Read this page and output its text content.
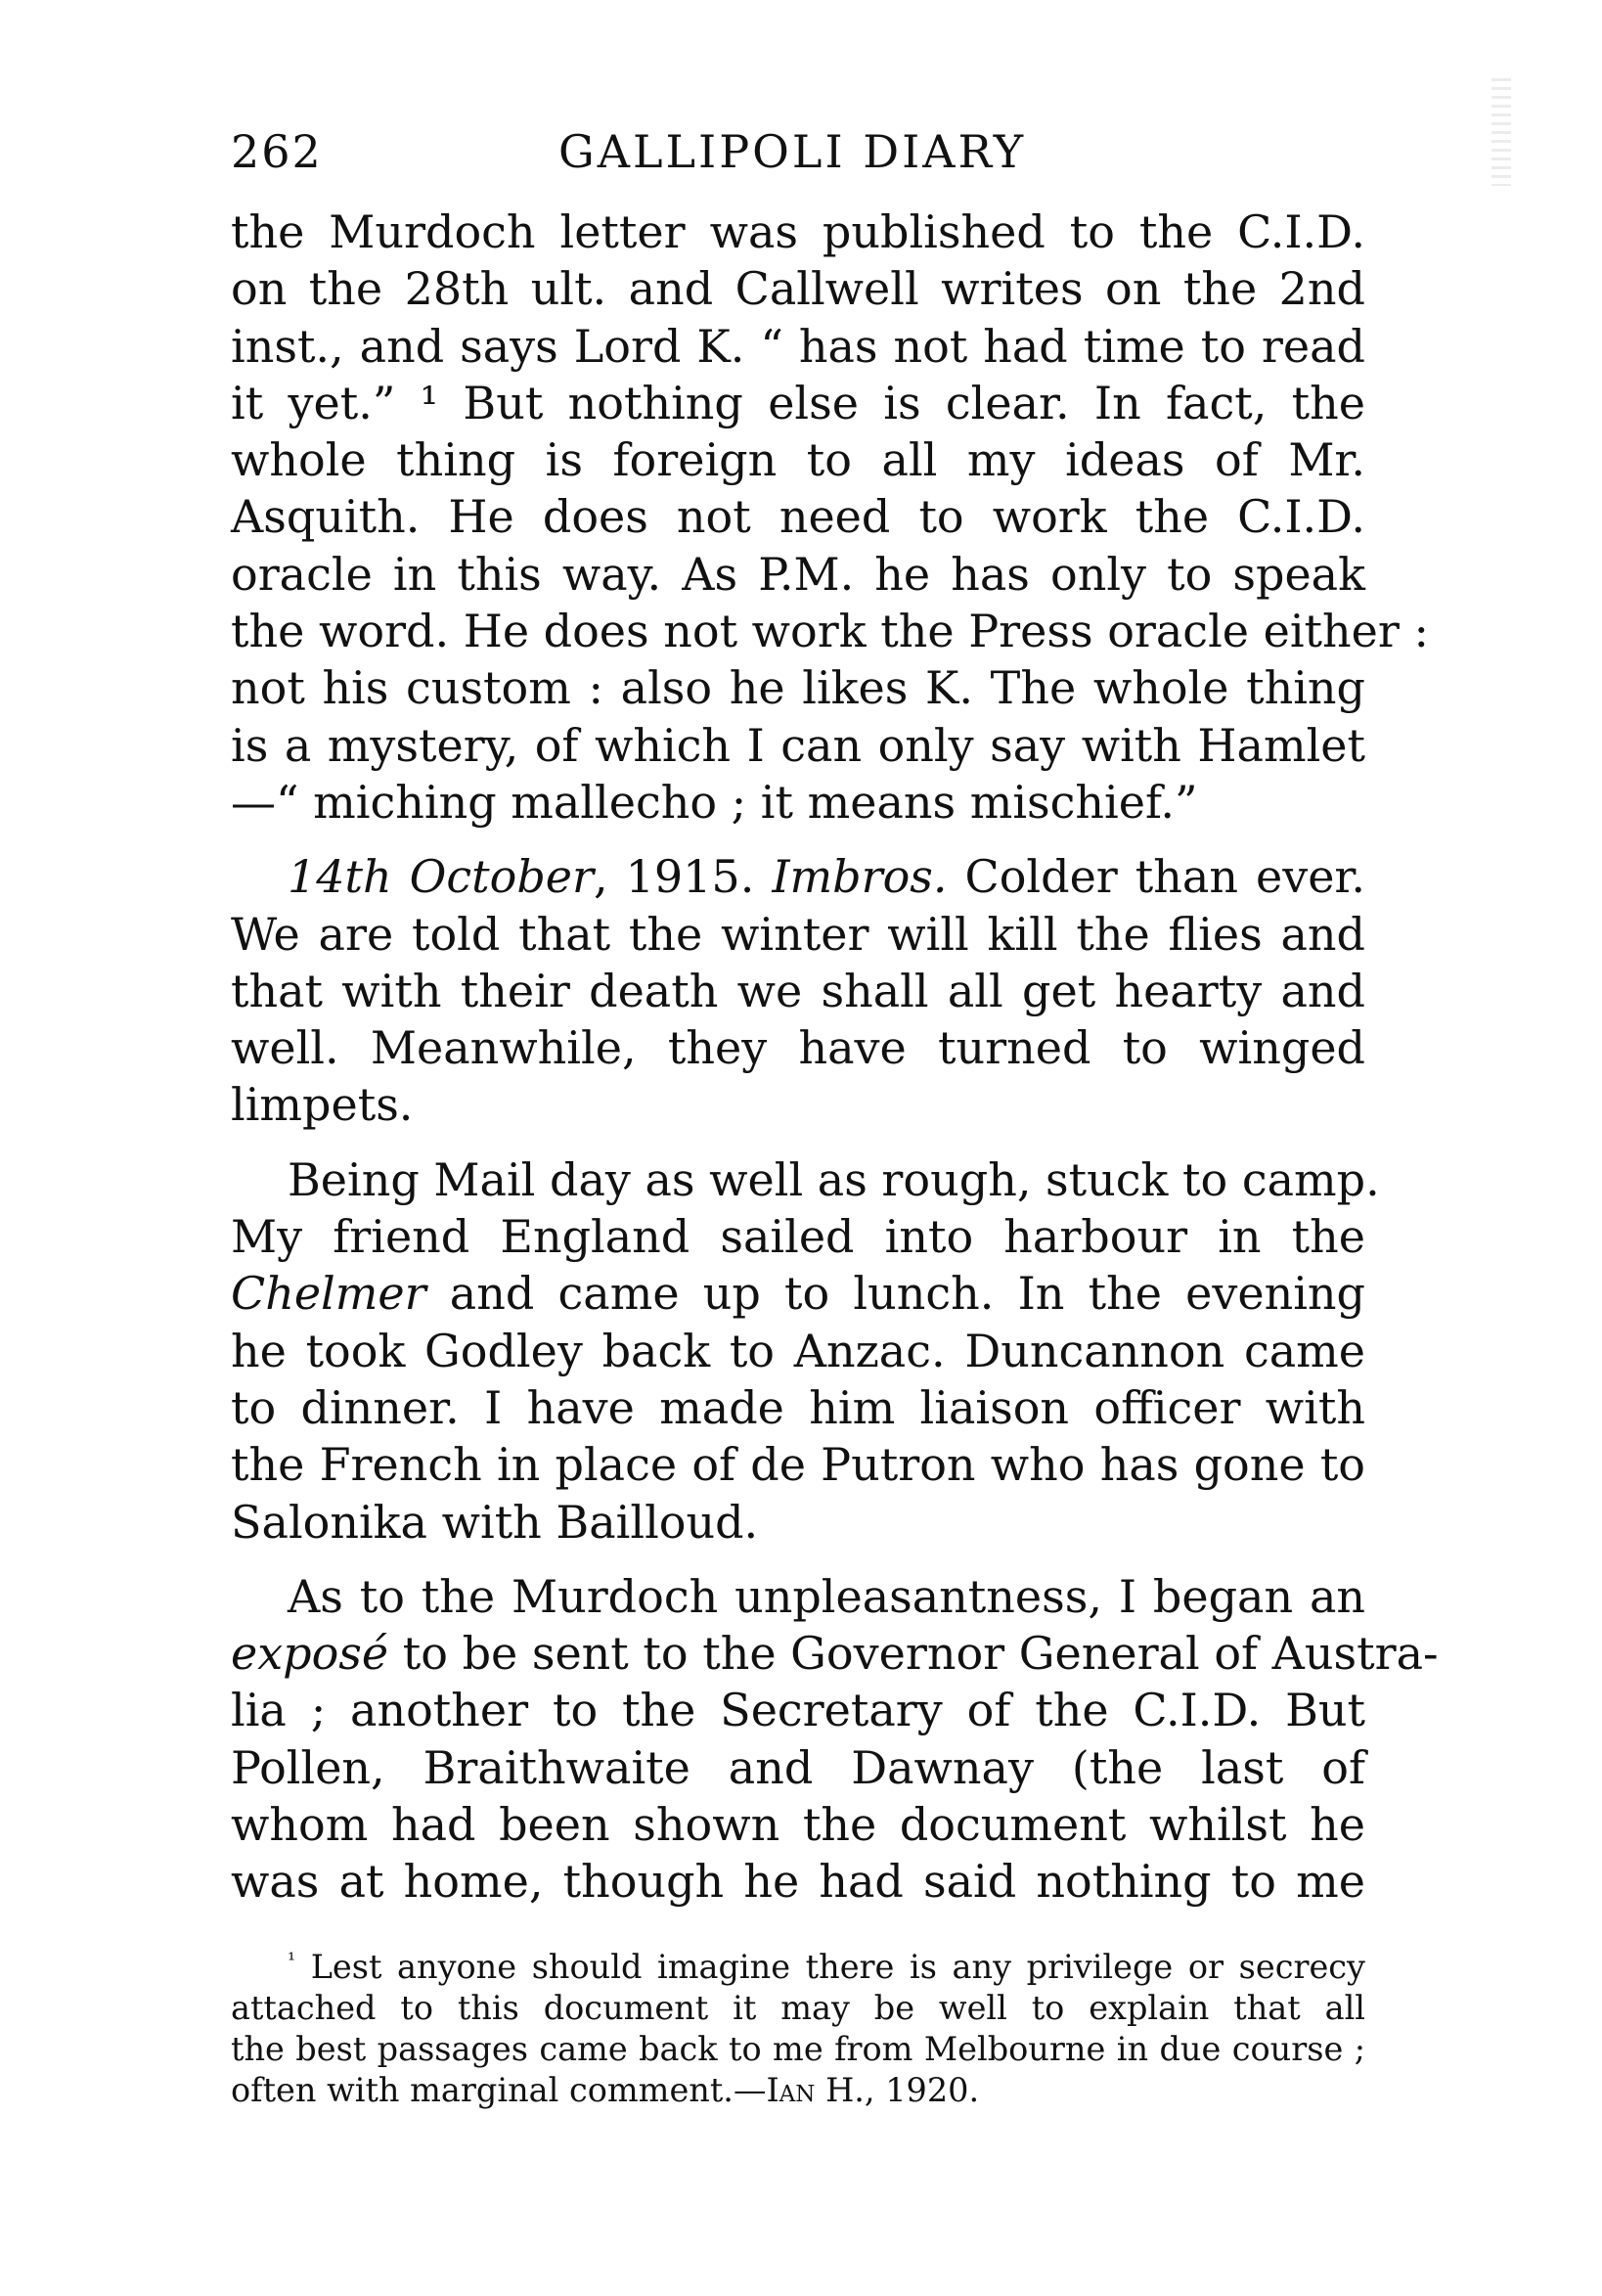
262	GALLIPOLI DIARY
the Murdoch letter was published to the C.I.D.
on the 28th ult. and Callwell writes on the 2nd
inst., and says Lord K. “ has not had time to read
it yet.” ¹ But nothing else is clear. In fact, the
whole thing is foreign to all my ideas of Mr.
Asquith. He does not need to work the C.I.D.
oracle in this way. As P.M. he has only to speak
the word. He does not work the Press oracle either :
not his custom : also he likes K. The whole thing
is a mystery, of which I can only say with Hamlet
—“ miching mallecho ; it means mischief.”
14th October, 1915. Imbros. Colder than ever.
We are told that the winter will kill the flies and
that with their death we shall all get hearty and
well. Meanwhile, they have turned to winged
limpets.
Being Mail day as well as rough, stuck to camp.
My friend England sailed into harbour in the
Chelmer and came up to lunch. In the evening
he took Godley back to Anzac. Duncannon came
to dinner. I have made him liaison officer with
the French in place of de Putron who has gone to
Salonika with Bailloud.
As to the Murdoch unpleasantness, I began an
exposé to be sent to the Governor General of Austra-
lia ; another to the Secretary of the C.I.D. But
Pollen, Braithwaite and Dawnay (the last of
whom had been shown the document whilst he
was at home, though he had said nothing to me
$^{^1}$ Lest anyone should imagine there is any privilege or secrecy
attached to this document it may be well to explain that all
the best passages came back to me from Melbourne in due course ;
often with marginal comment.—Ian H., 1920.
